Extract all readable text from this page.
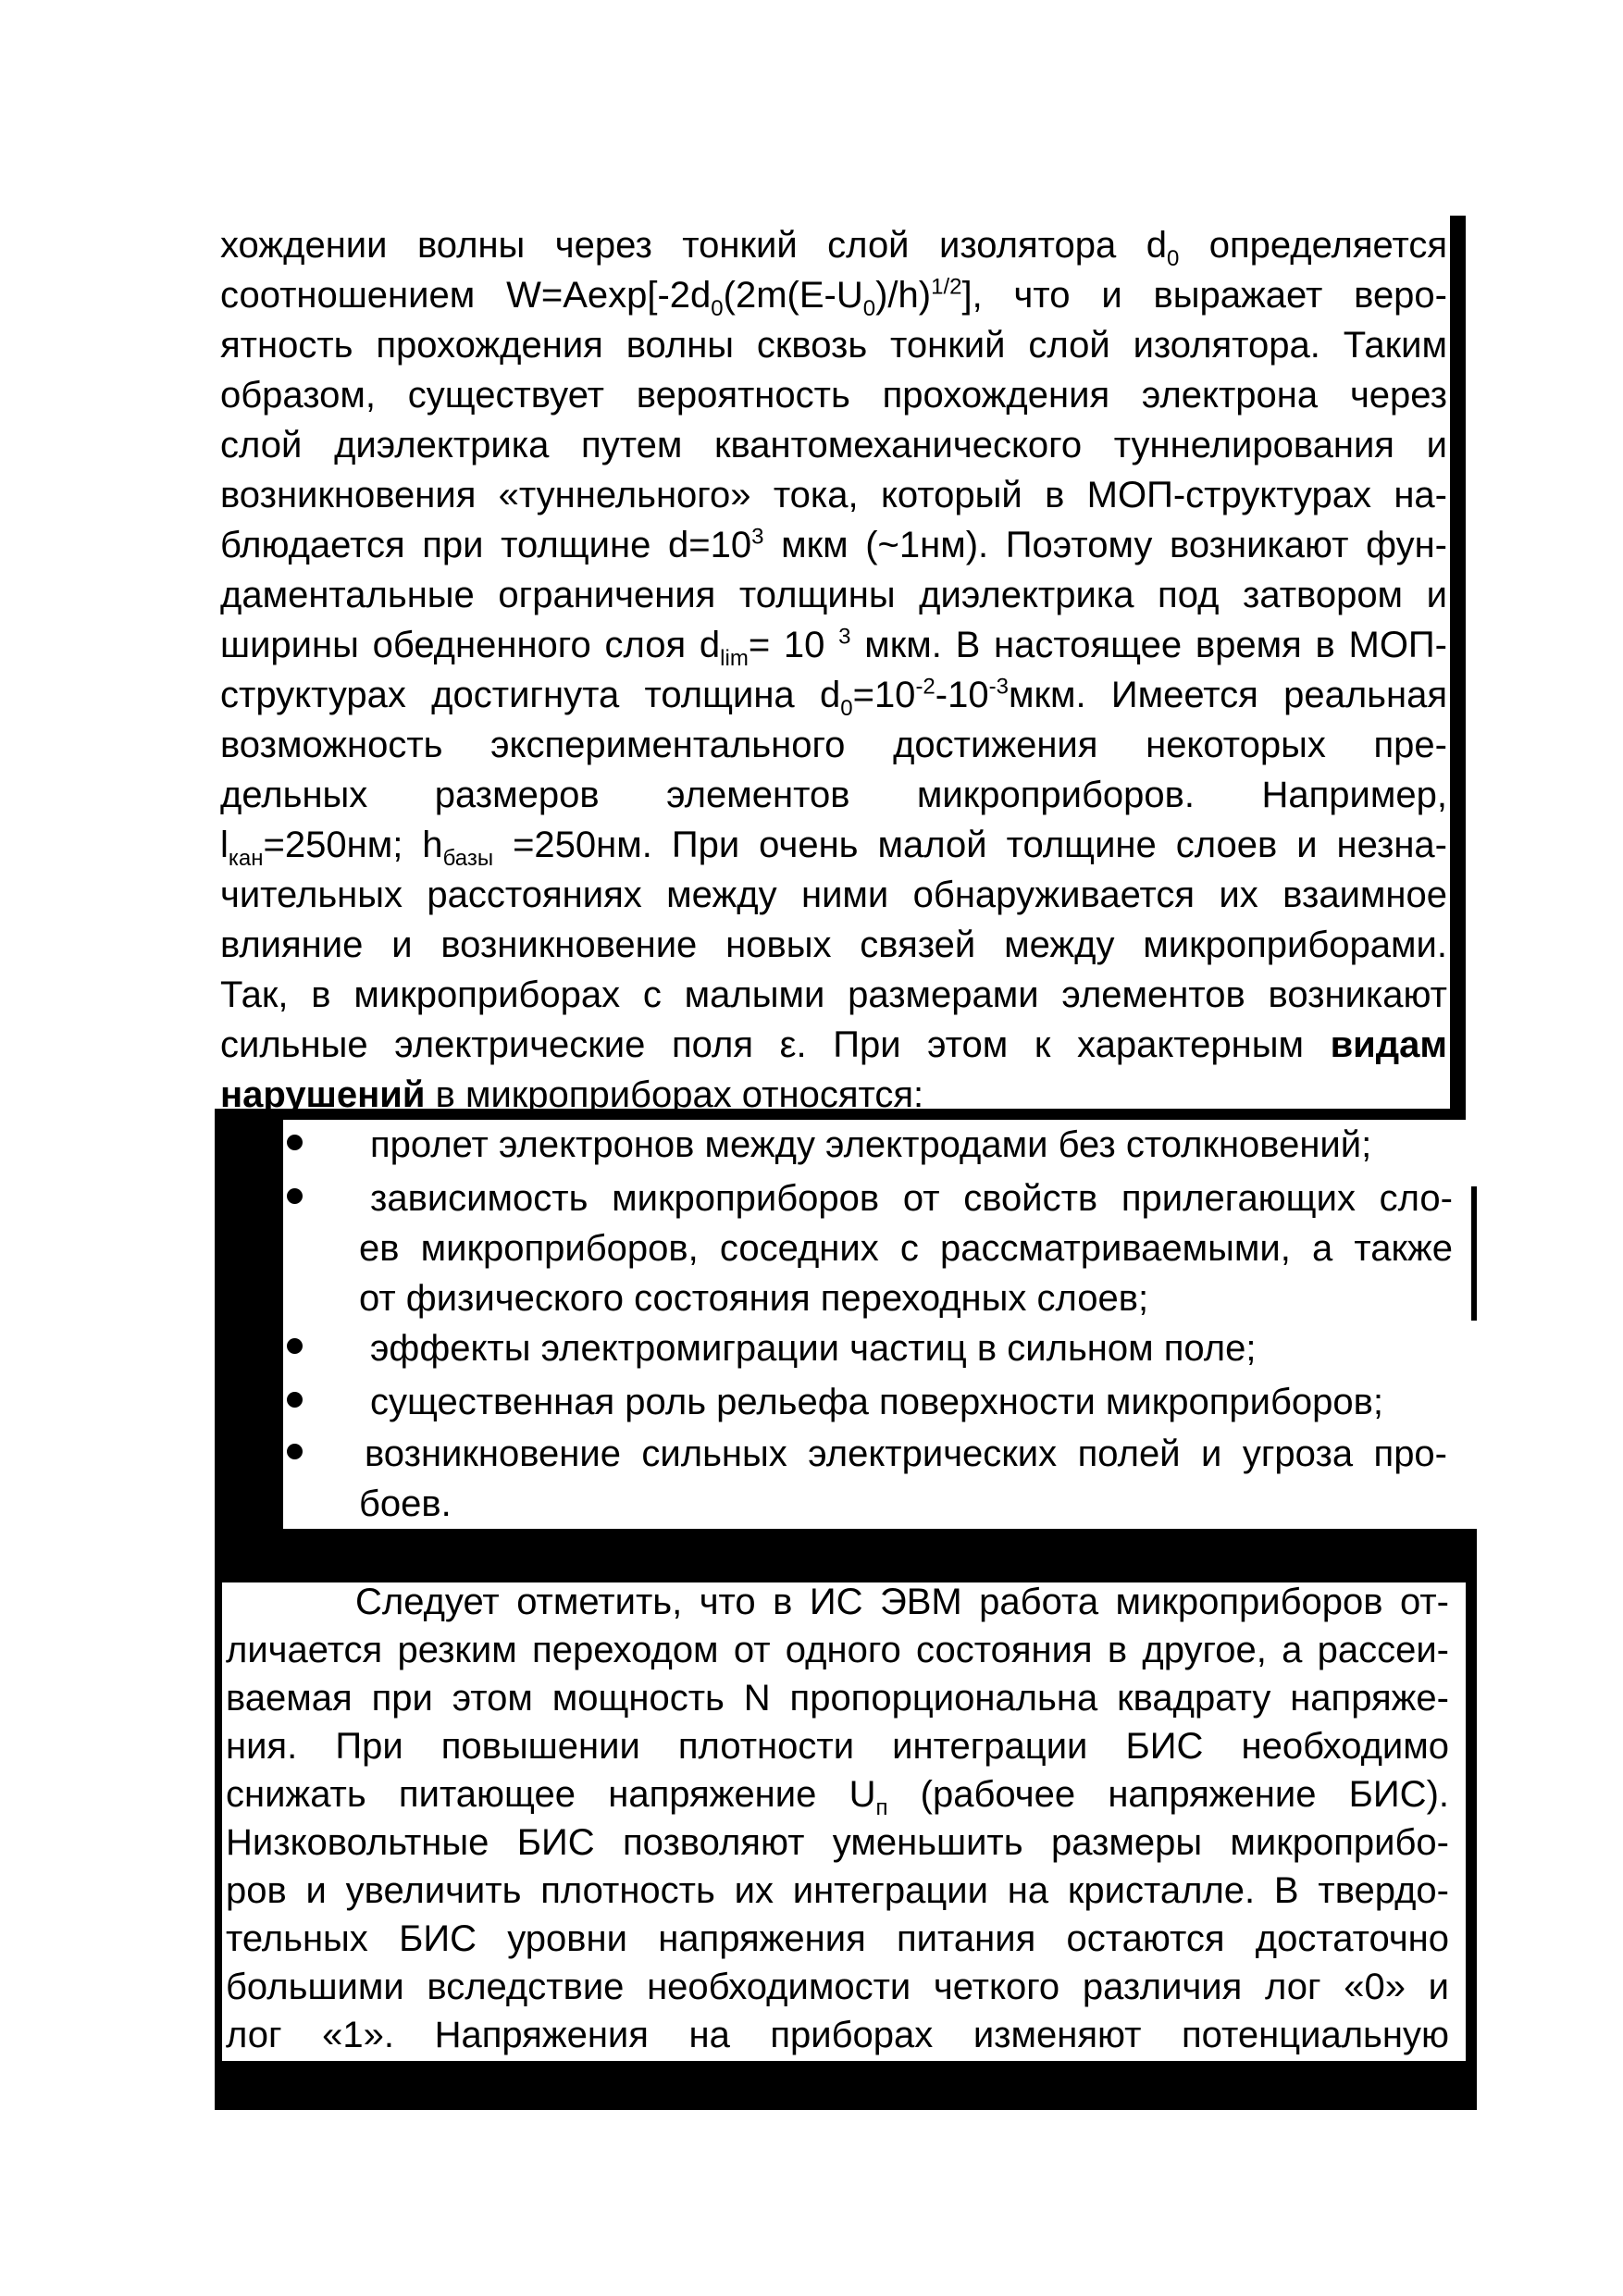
хождении волны через тонкий слой изолятора $d_0$ определяется
соотношением $W=Aexp[-2d_0(2m(E-U_0)/h)^{1/2}]$, что и выражает веро-
ятность прохождения волны сквозь тонкий слой изолятора. Таким
образом, существует вероятность прохождения электрона через
слой диэлектрика путем квантомеханического туннелирования и
возникновения «туннельного» тока, который в МОП-структурах на-
блюдается при толщине $d=10^3$ мкм (~1нм). Поэтому возникают фун-
даментальные ограничения толщины диэлектрика под затвором и
ширины обедненного слоя $d_{lim}= 10$ $^3$ мкм. В настоящее время в МОП-
структурах достигнута толщина $d_0=10^{-2}-10^{-3}мкм$. Имеется реальная
возможность экспериментального достижения некоторых пре-
дельных размеров элементов микроприборов. Например,
$l_{кан}=250нм$; $h_{базы} =250нм$. При очень малой толщине слоев и незна-
чительных расстояниях между ними обнаруживается их взаимное
влияние и возникновение новых связей между микроприборами.
Так, в микроприборах с малыми размерами элементов возникают
сильные электрические поля ε. При этом к характерным видам
нарушений в микроприборах относятся:
пролет электронов между электродами без столкновений;
зависимость микроприборов от свойств прилегающих сло-
ев микроприборов, соседних с рассматриваемыми, а также
от физического состояния переходных слоев;
эффекты электромиграции частиц в сильном поле;
существенная роль рельефа поверхности микроприборов;
возникновение сильных электрических полей и угроза про-
боев.
Следует отметить, что в ИС ЭВМ работа микроприборов от-
личается резким переходом от одного состояния в другое, а рассеи-
ваемая при этом мощность N пропорциональна квадрату напряже-
ния. При повышении плотности интеграции БИС необходимо
снижать питающее напряжение $U_п$ (рабочее напряжение БИС).
Низковольтные БИС позволяют уменьшить размеры микроприбо-
ров и увеличить плотность их интеграции на кристалле. В твердо-
тельных БИС уровни напряжения питания остаются достаточно
большими вследствие необходимости четкого различия лог «0» и
лог «1». Напряжения на приборах изменяют потенциальную
